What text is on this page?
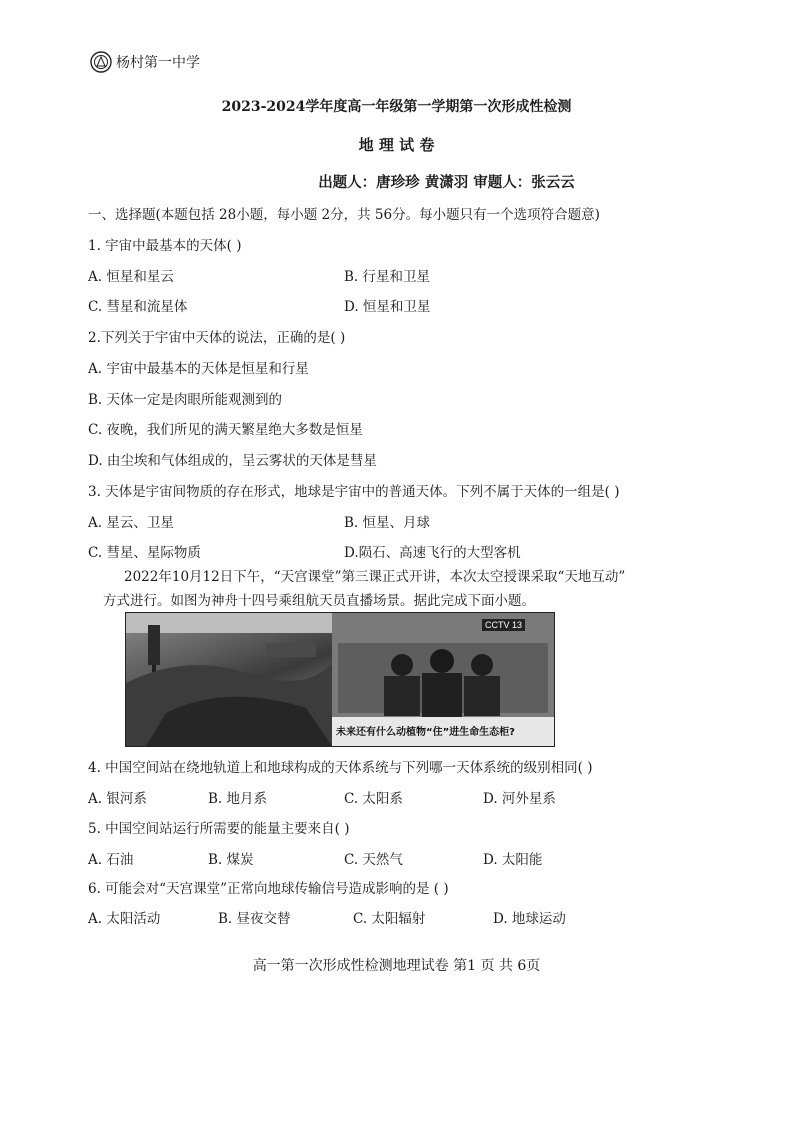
杨村第一中学
2023-2024学年度高一年级第一学期第一次形成性检测
地 理 试 卷
出题人：唐珍珍 黄潇羽 审题人：张云云
一、选择题(本题包括 28小题，每小题 2分，共 56分。每小题只有一个选项符合题意)
1. 宇宙中最基本的天体( )
A. 恒星和星云	B. 行星和卫星
C. 彗星和流星体	D. 恒星和卫星
2.下列关于宇宙中天体的说法，正确的是( )
A. 宇宙中最基本的天体是恒星和行星
B. 天体一定是肉眼所能观测到的
C. 夜晚，我们所见的满天繁星绝大多数是恒星
D. 由尘埃和气体组成的，呈云雾状的天体是彗星
3. 天体是宇宙间物质的存在形式，地球是宇宙中的普通天体。下列不属于天体的一组是( )
A. 星云、卫星	B. 恒星、月球
C. 彗星、星际物质	D.陨石、高速飞行的大型客机
2022年10月12日下午，“天宫课堂”第三课正式开讲，本次太空授课采取“天地互动”
方式进行。如图为神舟十四号乘组航天员直播场景。据此完成下面小题。
CCTV 13
未来还有什么动植物“住”进生命生态柜?
4. 中国空间站在绕地轨道上和地球构成的天体系统与下列哪一天体系统的级别相同( )
A. 银河系	B. 地月系	C. 太阳系	D. 河外星系
5. 中国空间站运行所需要的能量主要来自( )
A. 石油	B. 煤炭	C. 天然气	D. 太阳能
6. 可能会对“天宫课堂”正常向地球传输信号造成影响的是 ( )
A. 太阳活动	B. 昼夜交替	C. 太阳辐射	D. 地球运动
高一第一次形成性检测地理试卷 第1 页 共 6页
